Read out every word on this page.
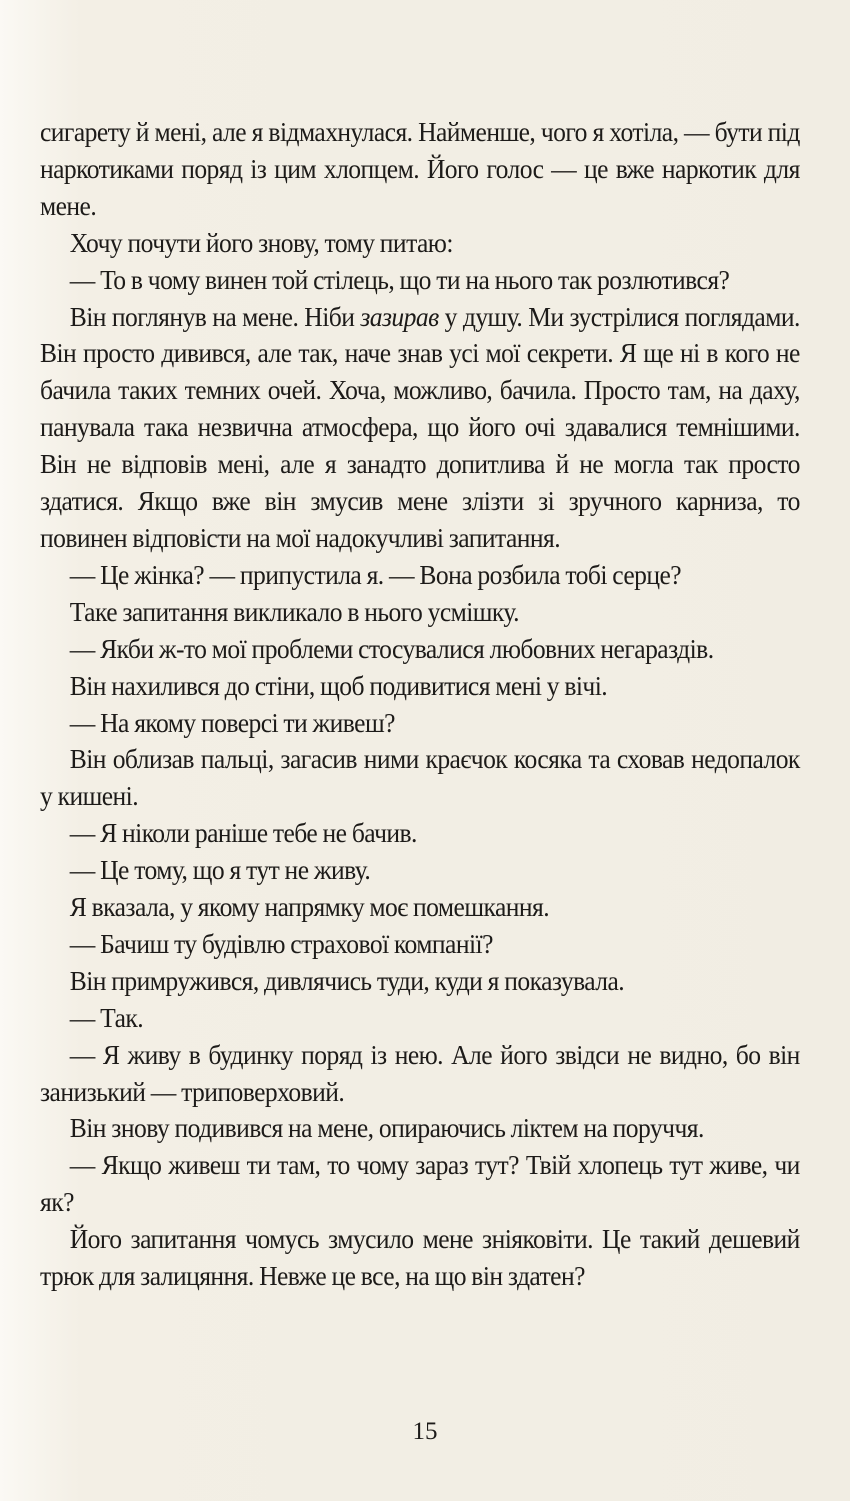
сигарету й мені, але я відмахнулася. Найменше, чого я хотіла, — бути під наркотиками поряд із цим хлопцем. Його голос — це вже наркотик для мене.

Хочу почути його знову, тому питаю:

— То в чому винен той стілець, що ти на нього так розлютився?

Він поглянув на мене. Ніби зазирав у душу. Ми зустрілися поглядами. Він просто дивився, але так, наче знав усі мої секрети. Я ще ні в кого не бачила таких темних очей. Хоча, можливо, бачила. Просто там, на даху, панувала така незвична атмосфера, що його очі здавалися темнішими. Він не відповів мені, але я занадто допитлива й не могла так просто здатися. Якщо вже він змусив мене злізти зі зручного карниза, то повинен відповісти на мої надокучливі запитання.

— Це жінка? — припустила я. — Вона розбила тобі серце?

Таке запитання викликало в нього усмішку.

— Якби ж-то мої проблеми стосувалися любовних негараздів.

Він нахилився до стіни, щоб подивитися мені у вічі.

— На якому поверсі ти живеш?

Він облизав пальці, загасив ними краєчок косяка та сховав недопалок у кишені.

— Я ніколи раніше тебе не бачив.

— Це тому, що я тут не живу.

Я вказала, у якому напрямку моє помешкання.

— Бачиш ту будівлю страхової компанії?

Він примружився, дивлячись туди, куди я показувала.

— Так.

— Я живу в будинку поряд із нею. Але його звідси не видно, бо він занизький — триповерховий.

Він знову подивився на мене, опираючись ліктем на поруччя.

— Якщо живеш ти там, то чому зараз тут? Твій хлопець тут живе, чи як?

Його запитання чомусь змусило мене зніяковіти. Це такий дешевий трюк для залицяння. Невже це все, на що він здатен?

15
